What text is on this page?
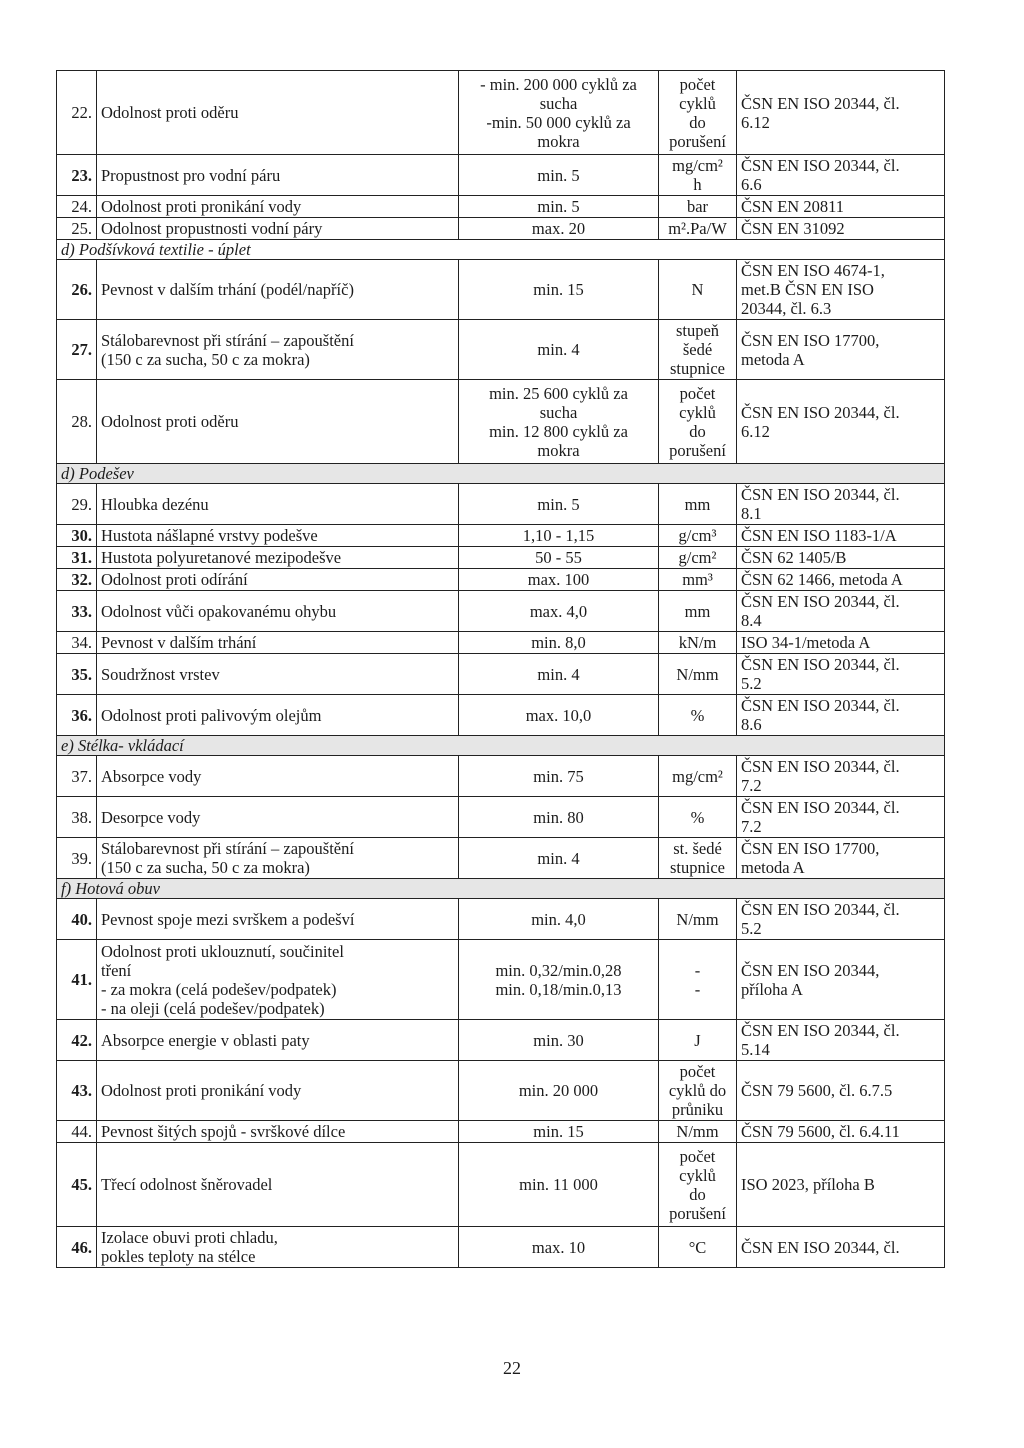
22.	Odolnost proti oděru	- min. 200 000 cyklů za
sucha
-min. 50 000 cyklů za
mokra	počet
cyklů
do
porušení	ČSN EN ISO 20344, čl.
6.12

23.	Propustnost pro vodní páru	min. 5	mg/cm²
h	ČSN EN ISO 20344, čl.
6.6

24.	Odolnost proti pronikání vody	min. 5	bar	ČSN EN 20811

25.	Odolnost propustnosti vodní páry	max. 20	m².Pa/W	ČSN EN 31092

d) Podšívková textilie - úplet				
26.	Pevnost v dalším trhání (podél/napříč)	min. 15	N	ČSN EN ISO 4674-1,
met.B ČSN EN ISO
20344, čl. 6.3

27.	Stálobarevnost při stírání – zapouštění
(150 c za sucha, 50 c za mokra)	min. 4	stupeň
šedé
stupnice	ČSN EN ISO 17700,
metoda A

28.	Odolnost proti oděru	min. 25 600 cyklů za
sucha
min. 12 800 cyklů za
mokra	počet
cyklů
do
porušení	ČSN EN ISO 20344, čl.
6.12

d) Podešev				
29.	Hloubka dezénu	min. 5	mm	ČSN EN ISO 20344, čl.
8.1

30.	Hustota nášlapné vrstvy podešve	1,10 - 1,15	g/cm³	ČSN EN ISO 1183-1/A

31.	Hustota polyuretanové mezipodešve	50 - 55	g/cm²	ČSN 62 1405/B

32.	Odolnost proti odírání	max. 100	mm³	ČSN 62 1466, metoda A

33.	Odolnost vůči opakovanému ohybu	max. 4,0	mm	ČSN EN ISO 20344, čl.
8.4

34.	Pevnost v dalším trhání	min. 8,0	kN/m	ISO 34-1/metoda A

35.	Soudržnost vrstev	min. 4	N/mm	ČSN EN ISO 20344, čl.
5.2

36.	Odolnost proti palivovým olejům	max. 10,0	%	ČSN EN ISO 20344, čl.
8.6

e) Stélka- vkládací				
37.	Absorpce vody	min. 75	mg/cm²	ČSN EN ISO 20344, čl.
7.2

38.	Desorpce vody	min. 80	%	ČSN EN ISO 20344, čl.
7.2

39.	Stálobarevnost při stírání – zapouštění
(150 c za sucha, 50 c za mokra)	min. 4	st. šedé
stupnice	ČSN EN ISO 17700,
metoda A

f) Hotová obuv				
40.	Pevnost spoje mezi svrškem a podešví	min. 4,0	N/mm	ČSN EN ISO 20344, čl.
5.2

41.	Odolnost proti uklouznutí, součinitel
tření
- za mokra (celá podešev/podpatek)
- na oleji (celá podešev/podpatek)	min. 0,32/min.0,28
min. 0,18/min.0,13	-
-	ČSN EN ISO 20344,
příloha A

42.	Absorpce energie v oblasti paty	min. 30	J	ČSN EN ISO 20344, čl.
5.14

43.	Odolnost proti pronikání vody	min. 20 000	počet
cyklů do
průniku	ČSN 79 5600, čl. 6.7.5

44.	Pevnost šitých spojů - svrškové dílce	min. 15	N/mm	ČSN 79 5600, čl. 6.4.11

45.	Třecí odolnost šněrovadel	min. 11 000	počet
cyklů
do
porušení	ISO 2023, příloha B

46.	Izolace obuvi proti chladu,
pokles teploty na stélce	max. 10	°C	ČSN EN ISO 20344, čl.
22
